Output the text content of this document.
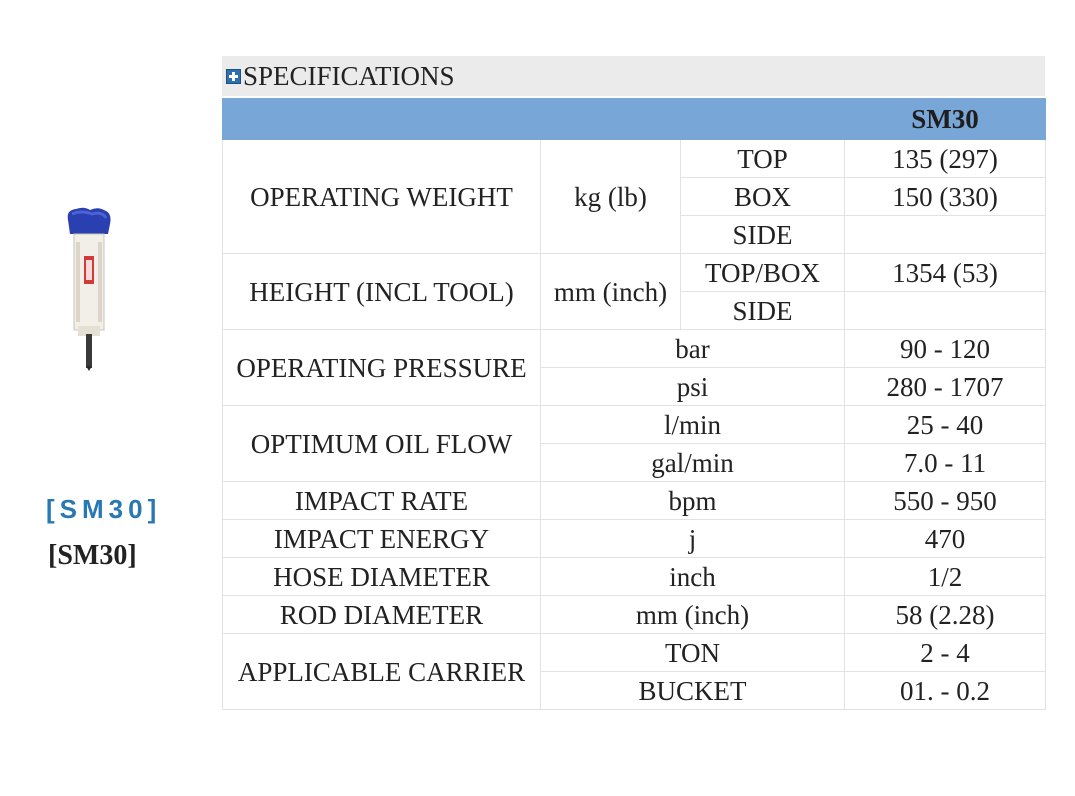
[SM30]
[SM30]
SPECIFICATIONS
			SM30
OPERATING WEIGHT	kg (lb)	TOP	135 (297)
		BOX	150 (330)
		SIDE	
HEIGHT (INCL TOOL)	mm (inch)	TOP/BOX	1354 (53)
		SIDE	
OPERATING PRESSURE	bar		90 - 120
	psi		280 - 1707
OPTIMUM OIL FLOW	l/min		25 - 40
	gal/min		7.0 - 11
IMPACT RATE	bpm		550 - 950
IMPACT ENERGY	j		470
HOSE DIAMETER	inch		1/2
ROD DIAMETER	mm (inch)		58 (2.28)
APPLICABLE CARRIER	TON		2 - 4
	BUCKET		01. - 0.2
